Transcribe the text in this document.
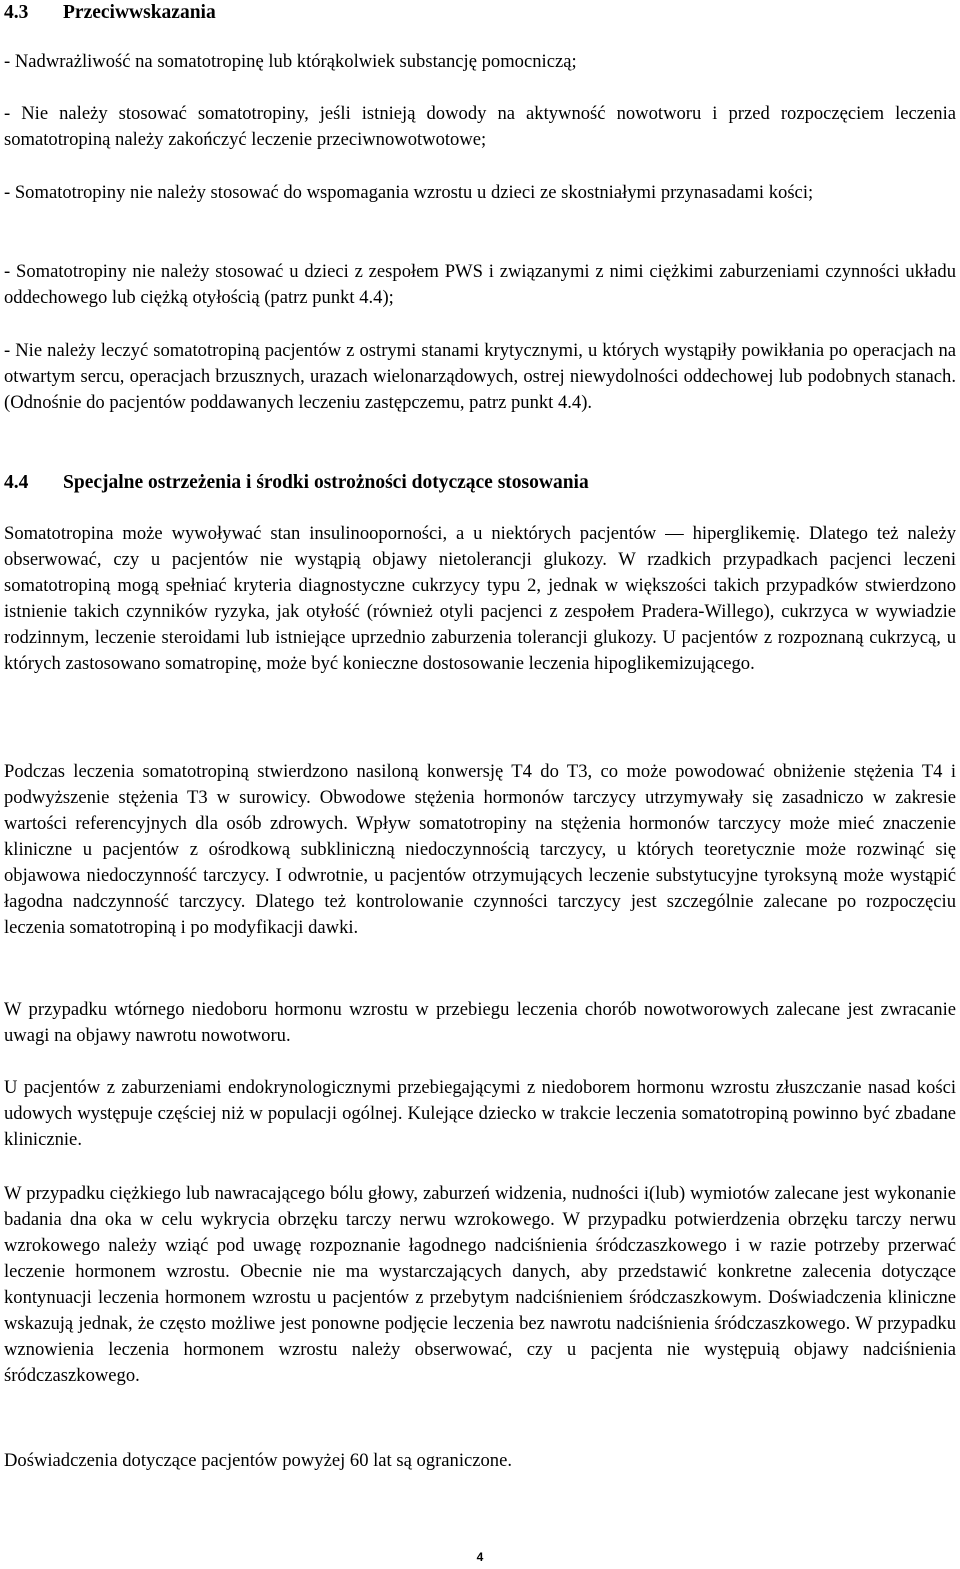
4.3 Przeciwwskazania

- Nadwrażliwość na somatotropinę lub którąkolwiek substancję pomocniczą;

- Nie należy stosować somatotropiny, jeśli istnieją dowody na aktywność nowotworu i przed rozpoczęciem leczenia somatotropiną należy zakończyć leczenie przeciwnowotwotowe;

- Somatotropiny nie należy stosować do wspomagania wzrostu u dzieci ze skostniałymi przynasadami kości;

- Somatotropiny nie należy stosować u dzieci z zespołem PWS i związanymi z nimi ciężkimi zaburzeniami czynności układu oddechowego lub ciężką otyłością (patrz punkt 4.4);

- Nie należy leczyć somatotropiną pacjentów z ostrymi stanami krytycznymi, u których wystąpiły powikłania po operacjach na otwartym sercu, operacjach brzusznych, urazach wielonarządowych, ostrej niewydolności oddechowej lub podobnych stanach. (Odnośnie do pacjentów poddawanych leczeniu zastępczemu, patrz punkt 4.4).

4.4 Specjalne ostrzeżenia i środki ostrożności dotyczące stosowania

Somatotropina może wywoływać stan insulinooporności, a u niektórych pacjentów — hiperglikemię. Dlatego też należy obserwować, czy u pacjentów nie wystąpią objawy nietolerancji glukozy. W rzadkich przypadkach pacjenci leczeni somatotropiną mogą spełniać kryteria diagnostyczne cukrzycy typu 2, jednak w większości takich przypadków stwierdzono istnienie takich czynników ryzyka, jak otyłość (również otyli pacjenci z zespołem Pradera-Willego), cukrzyca w wywiadzie rodzinnym, leczenie steroidami lub istniejące uprzednio zaburzenia tolerancji glukozy. U pacjentów z rozpoznaną cukrzycą, u których zastosowano somatropinę, może być konieczne dostosowanie leczenia hipoglikemizującego.

Podczas leczenia somatotropiną stwierdzono nasiloną konwersję T4 do T3, co może powodować obniżenie stężenia T4 i podwyższenie stężenia T3 w surowicy. Obwodowe stężenia hormonów tarczycy utrzymywały się zasadniczo w zakresie wartości referencyjnych dla osób zdrowych. Wpływ somatotropiny na stężenia hormonów tarczycy może mieć znaczenie kliniczne u pacjentów z ośrodkową subkliniczną niedoczynnością tarczycy, u których teoretycznie może rozwinąć się objawowa niedoczynność tarczycy. I odwrotnie, u pacjentów otrzymujących leczenie substytucyjne tyroksyną może wystąpić łagodna nadczynność tarczycy. Dlatego też kontrolowanie czynności tarczycy jest szczególnie zalecane po rozpoczęciu leczenia somatotropiną i po modyfikacji dawki.

W przypadku wtórnego niedoboru hormonu wzrostu w przebiegu leczenia chorób nowotworowych zalecane jest zwracanie uwagi na objawy nawrotu nowotworu.

U pacjentów z zaburzeniami endokrynologicznymi przebiegającymi z niedoborem hormonu wzrostu złuszczanie nasad kości udowych występuje częściej niż w populacji ogólnej. Kulejące dziecko w trakcie leczenia somatotropiną powinno być zbadane klinicznie.

W przypadku ciężkiego lub nawracającego bólu głowy, zaburzeń widzenia, nudności i(lub) wymiotów zalecane jest wykonanie badania dna oka w celu wykrycia obrzęku tarczy nerwu wzrokowego. W przypadku potwierdzenia obrzęku tarczy nerwu wzrokowego należy wziąć pod uwagę rozpoznanie łagodnego nadciśnienia śródczaszkowego i w razie potrzeby przerwać leczenie hormonem wzrostu. Obecnie nie ma wystarczających danych, aby przedstawić konkretne zalecenia dotyczące kontynuacji leczenia hormonem wzrostu u pacjentów z przebytym nadciśnieniem śródczaszkowym. Doświadczenia kliniczne wskazują jednak, że często możliwe jest ponowne podjęcie leczenia bez nawrotu nadciśnienia śródczaszkowego. W przypadku wznowienia leczenia hormonem wzrostu należy obserwować, czy u pacjenta nie występuią objawy nadciśnienia śródczaszkowego.

Doświadczenia dotyczące pacjentów powyżej 60 lat są ograniczone.

4
